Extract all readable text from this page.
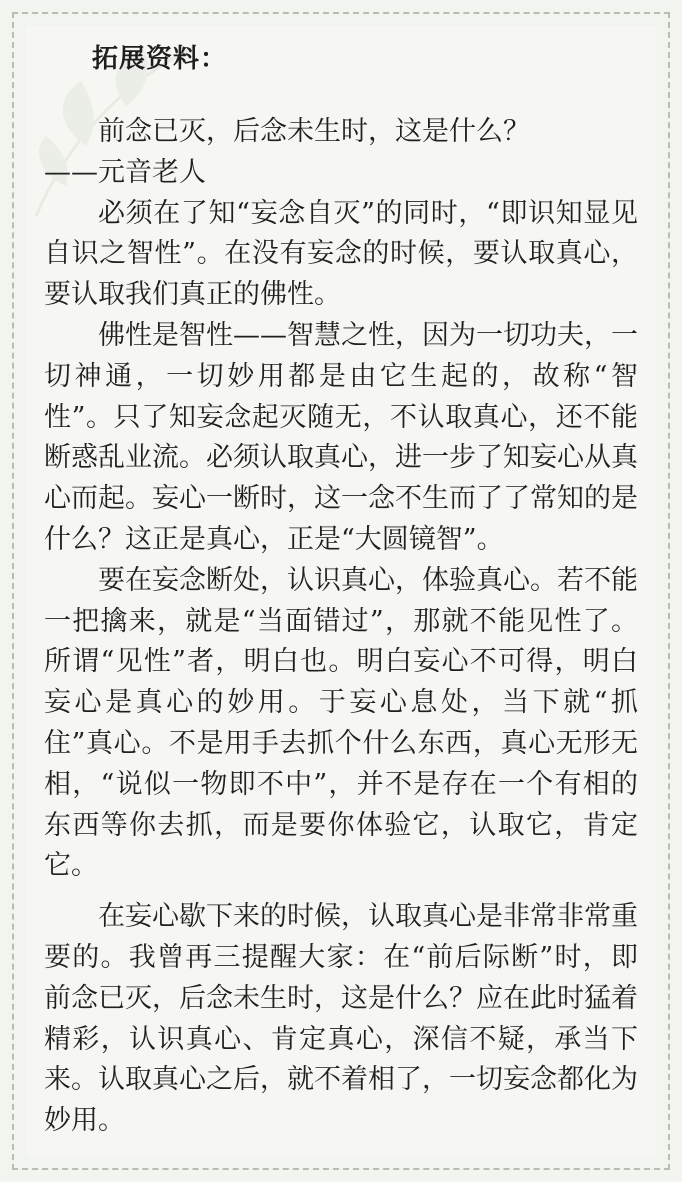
拓展资料：

前念已灭，后念未生时，这是什么？

——元音老人

必须在了知“妄念自灭”的同时，“即识知显见自识之智性”。在没有妄念的时候，要认取真心，要认取我们真正的佛性。

佛性是智性——智慧之性，因为一切功夫，一切神通，一切妙用都是由它生起的，故称“智性”。只了知妄念起灭随无，不认取真心，还不能断惑乱业流。必须认取真心，进一步了知妄心从真心而起。妄心一断时，这一念不生而了了常知的是什么？这正是真心，正是“大圆镜智”。

要在妄念断处，认识真心，体验真心。若不能一把擒来，就是“当面错过”，那就不能见性了。所谓“见性”者，明白也。明白妄心不可得，明白妄心是真心的妙用。于妄心息处，当下就“抓住”真心。不是用手去抓个什么东西，真心无形无相，“说似一物即不中”，并不是存在一个有相的东西等你去抓，而是要你体验它，认取它，肯定它。

在妄心歇下来的时候，认取真心是非常非常重要的。我曾再三提醒大家：在“前后际断”时，即前念已灭，后念未生时，这是什么？应在此时猛着精彩，认识真心、肯定真心，深信不疑，承当下来。认取真心之后，就不着相了，一切妄念都化为妙用。
